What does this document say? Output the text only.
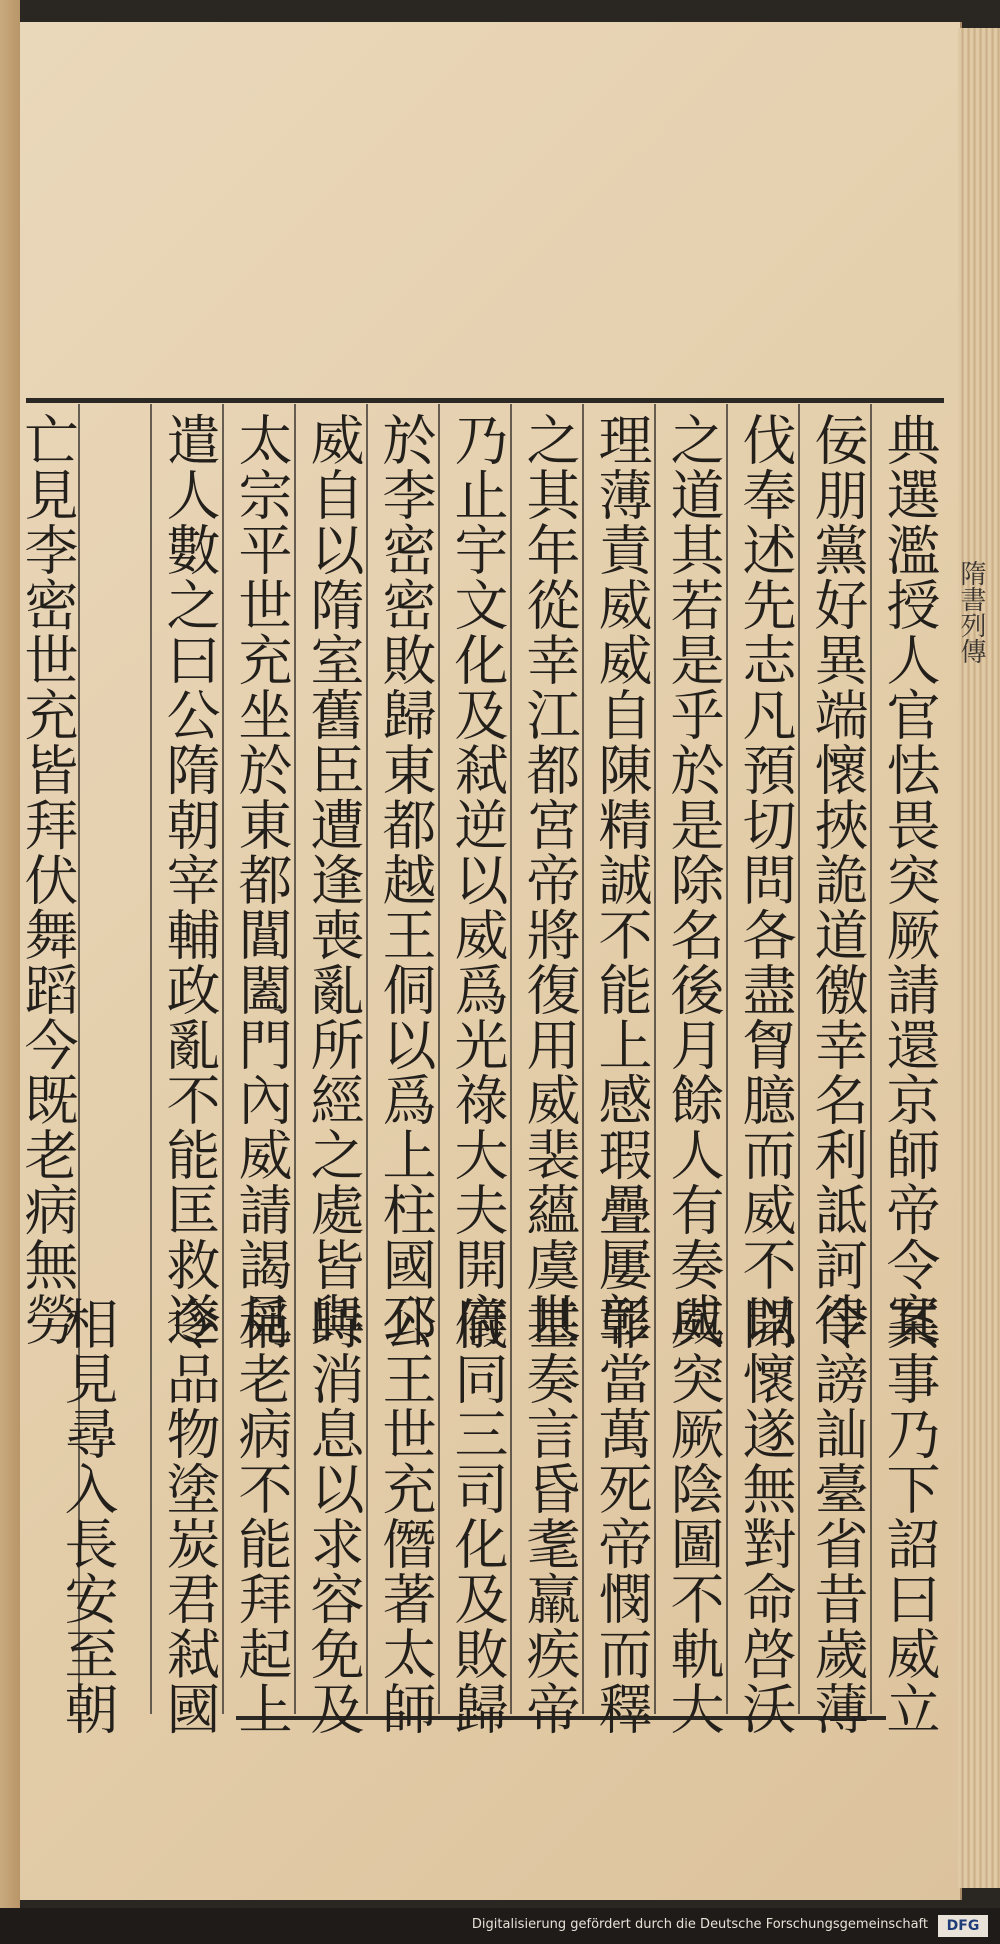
典選濫授人官怯畏突厥請還京師帝令案
佞朋黨好異端懷挾詭道徼幸名利詆訶律
伐奉述先志凡預切問各盡胷臆而威不以
之道其若是乎於是除名後月餘人有奏威
理薄責威威自陳精誠不能上感瑕疊屢彰
之其年從幸江都宮帝將復用威裴蘊虞世
乃止宇文化及弒逆以威爲光祿大夫開府
於李密密敗歸東都越王侗以爲上柱國邳
威自以隋室舊臣遭逢喪亂所經之處皆與
太宗平世充坐於東都閶闔門內威請謁見
遣人數之曰公隋朝宰輔政亂不能匡救遂
亡見李密世充皆拜伏舞蹈今既老病無勞
其事乃下詔曰威立
令謗訕臺省昔歲薄
開懷遂無對命啓沃
與突厥陰圖不軌大
罪當萬死帝憫而釋
基奏言昏耄羸疾帝
儀同三司化及敗歸
公王世充僭著太師
時消息以求容免及
稱老病不能拜起上
令品物塗炭君弒國
相見尋入長安至朝
隋書列傳
Digitalisierung gefördert durch die Deutsche Forschungsgemeinschaft	DFG
